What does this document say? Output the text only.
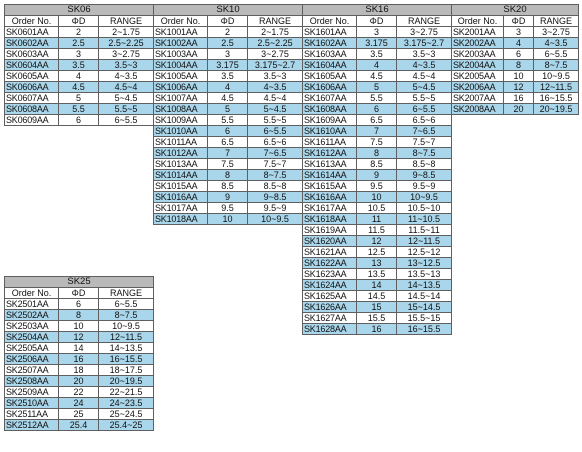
SK06		
Order No.	ΦD	RANGE
SK0601AA	2	2~1.75
SK0602AA	2.5	2.5~2.25
SK0603AA	3	3~2.75
SK0604AA	3.5	3.5~3
SK0605AA	4	4~3.5
SK0606AA	4.5	4.5~4
SK0607AA	5	5~4.5
SK0608AA	5.5	5.5~5
SK0609AA	6	6~5.5
SK10		
Order No.	ΦD	RANGE
SK1001AA	2	2~1.75
SK1002AA	2.5	2.5~2.25
SK1003AA	3	3~2.75
SK1004AA	3.175	3.175~2.7
SK1005AA	3.5	3.5~3
SK1006AA	4	4~3.5
SK1007AA	4.5	4.5~4
SK1008AA	5	5~4.5
SK1009AA	5.5	5.5~5
SK1010AA	6	6~5.5
SK1011AA	6.5	6.5~6
SK1012AA	7	7~6.5
SK1013AA	7.5	7.5~7
SK1014AA	8	8~7.5
SK1015AA	8.5	8.5~8
SK1016AA	9	9~8.5
SK1017AA	9.5	9.5~9
SK1018AA	10	10~9.5
SK16		
Order No.	ΦD	RANGE
SK1601AA	3	3~2.75
SK1602AA	3.175	3.175~2.7
SK1603AA	3.5	3.5~3
SK1604AA	4	4~3.5
SK1605AA	4.5	4.5~4
SK1606AA	5	5~4.5
SK1607AA	5.5	5.5~5
SK1608AA	6	6~5.5
SK1609AA	6.5	6.5~6
SK1610AA	7	7~6.5
SK1611AA	7.5	7.5~7
SK1612AA	8	8~7.5
SK1613AA	8.5	8.5~8
SK1614AA	9	9~8.5
SK1615AA	9.5	9.5~9
SK1616AA	10	10~9.5
SK1617AA	10.5	10.5~10
SK1618AA	11	11~10.5
SK1619AA	11.5	11.5~11
SK1620AA	12	12~11.5
SK1621AA	12.5	12.5~12
SK1622AA	13	13~12.5
SK1623AA	13.5	13.5~13
SK1624AA	14	14~13.5
SK1625AA	14.5	14.5~14
SK1626AA	15	15~14.5
SK1627AA	15.5	15.5~15
SK1628AA	16	16~15.5
SK20		
Order No.	ΦD	RANGE
SK2001AA	3	3~2.75
SK2002AA	4	4~3.5
SK2003AA	6	6~5.5
SK2004AA	8	8~7.5
SK2005AA	10	10~9.5
SK2006AA	12	12~11.5
SK2007AA	16	16~15.5
SK2008AA	20	20~19.5
SK25		
Order No.	ΦD	RANGE
SK2501AA	6	6~5.5
SK2502AA	8	8~7.5
SK2503AA	10	10~9.5
SK2504AA	12	12~11.5
SK2505AA	14	14~13.5
SK2506AA	16	16~15.5
SK2507AA	18	18~17.5
SK2508AA	20	20~19.5
SK2509AA	22	22~21.5
SK2510AA	24	24~23.5
SK2511AA	25	25~24.5
SK2512AA	25.4	25.4~25
